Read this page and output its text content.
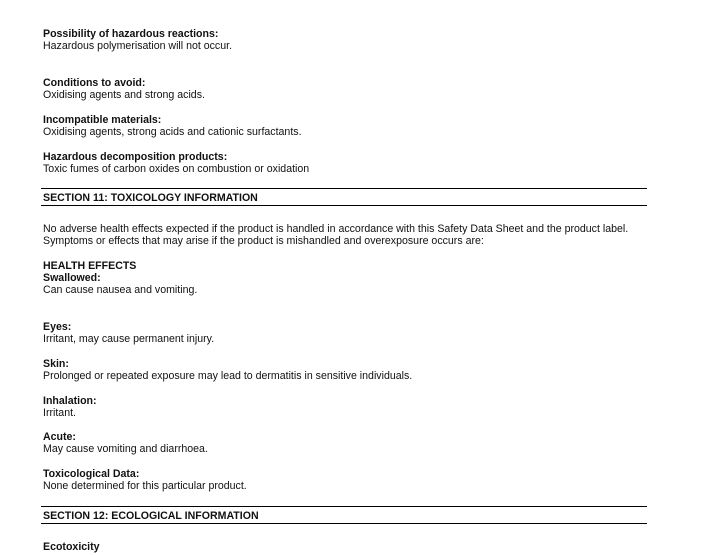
Possibility of hazardous reactions:
Hazardous polymerisation will not occur.
Conditions to avoid:
Oxidising agents and strong acids.
Incompatible materials:
Oxidising agents, strong acids and cationic surfactants.
Hazardous decomposition products:
Toxic fumes of carbon oxides on combustion or oxidation
SECTION 11: TOXICOLOGY INFORMATION
No adverse health effects expected if the product is handled in accordance with this Safety Data Sheet and the product label.
Symptoms or effects that may arise if the product is mishandled and overexposure occurs are:
HEALTH EFFECTS
Swallowed:
Can cause nausea and vomiting.
Eyes:
Irritant, may cause permanent injury.
Skin:
Prolonged or repeated exposure may lead to dermatitis in sensitive individuals.
Inhalation:
Irritant.
Acute:
May cause vomiting and diarrhoea.
Toxicological Data:
None determined for this particular product.
SECTION 12: ECOLOGICAL INFORMATION
Ecotoxicity
